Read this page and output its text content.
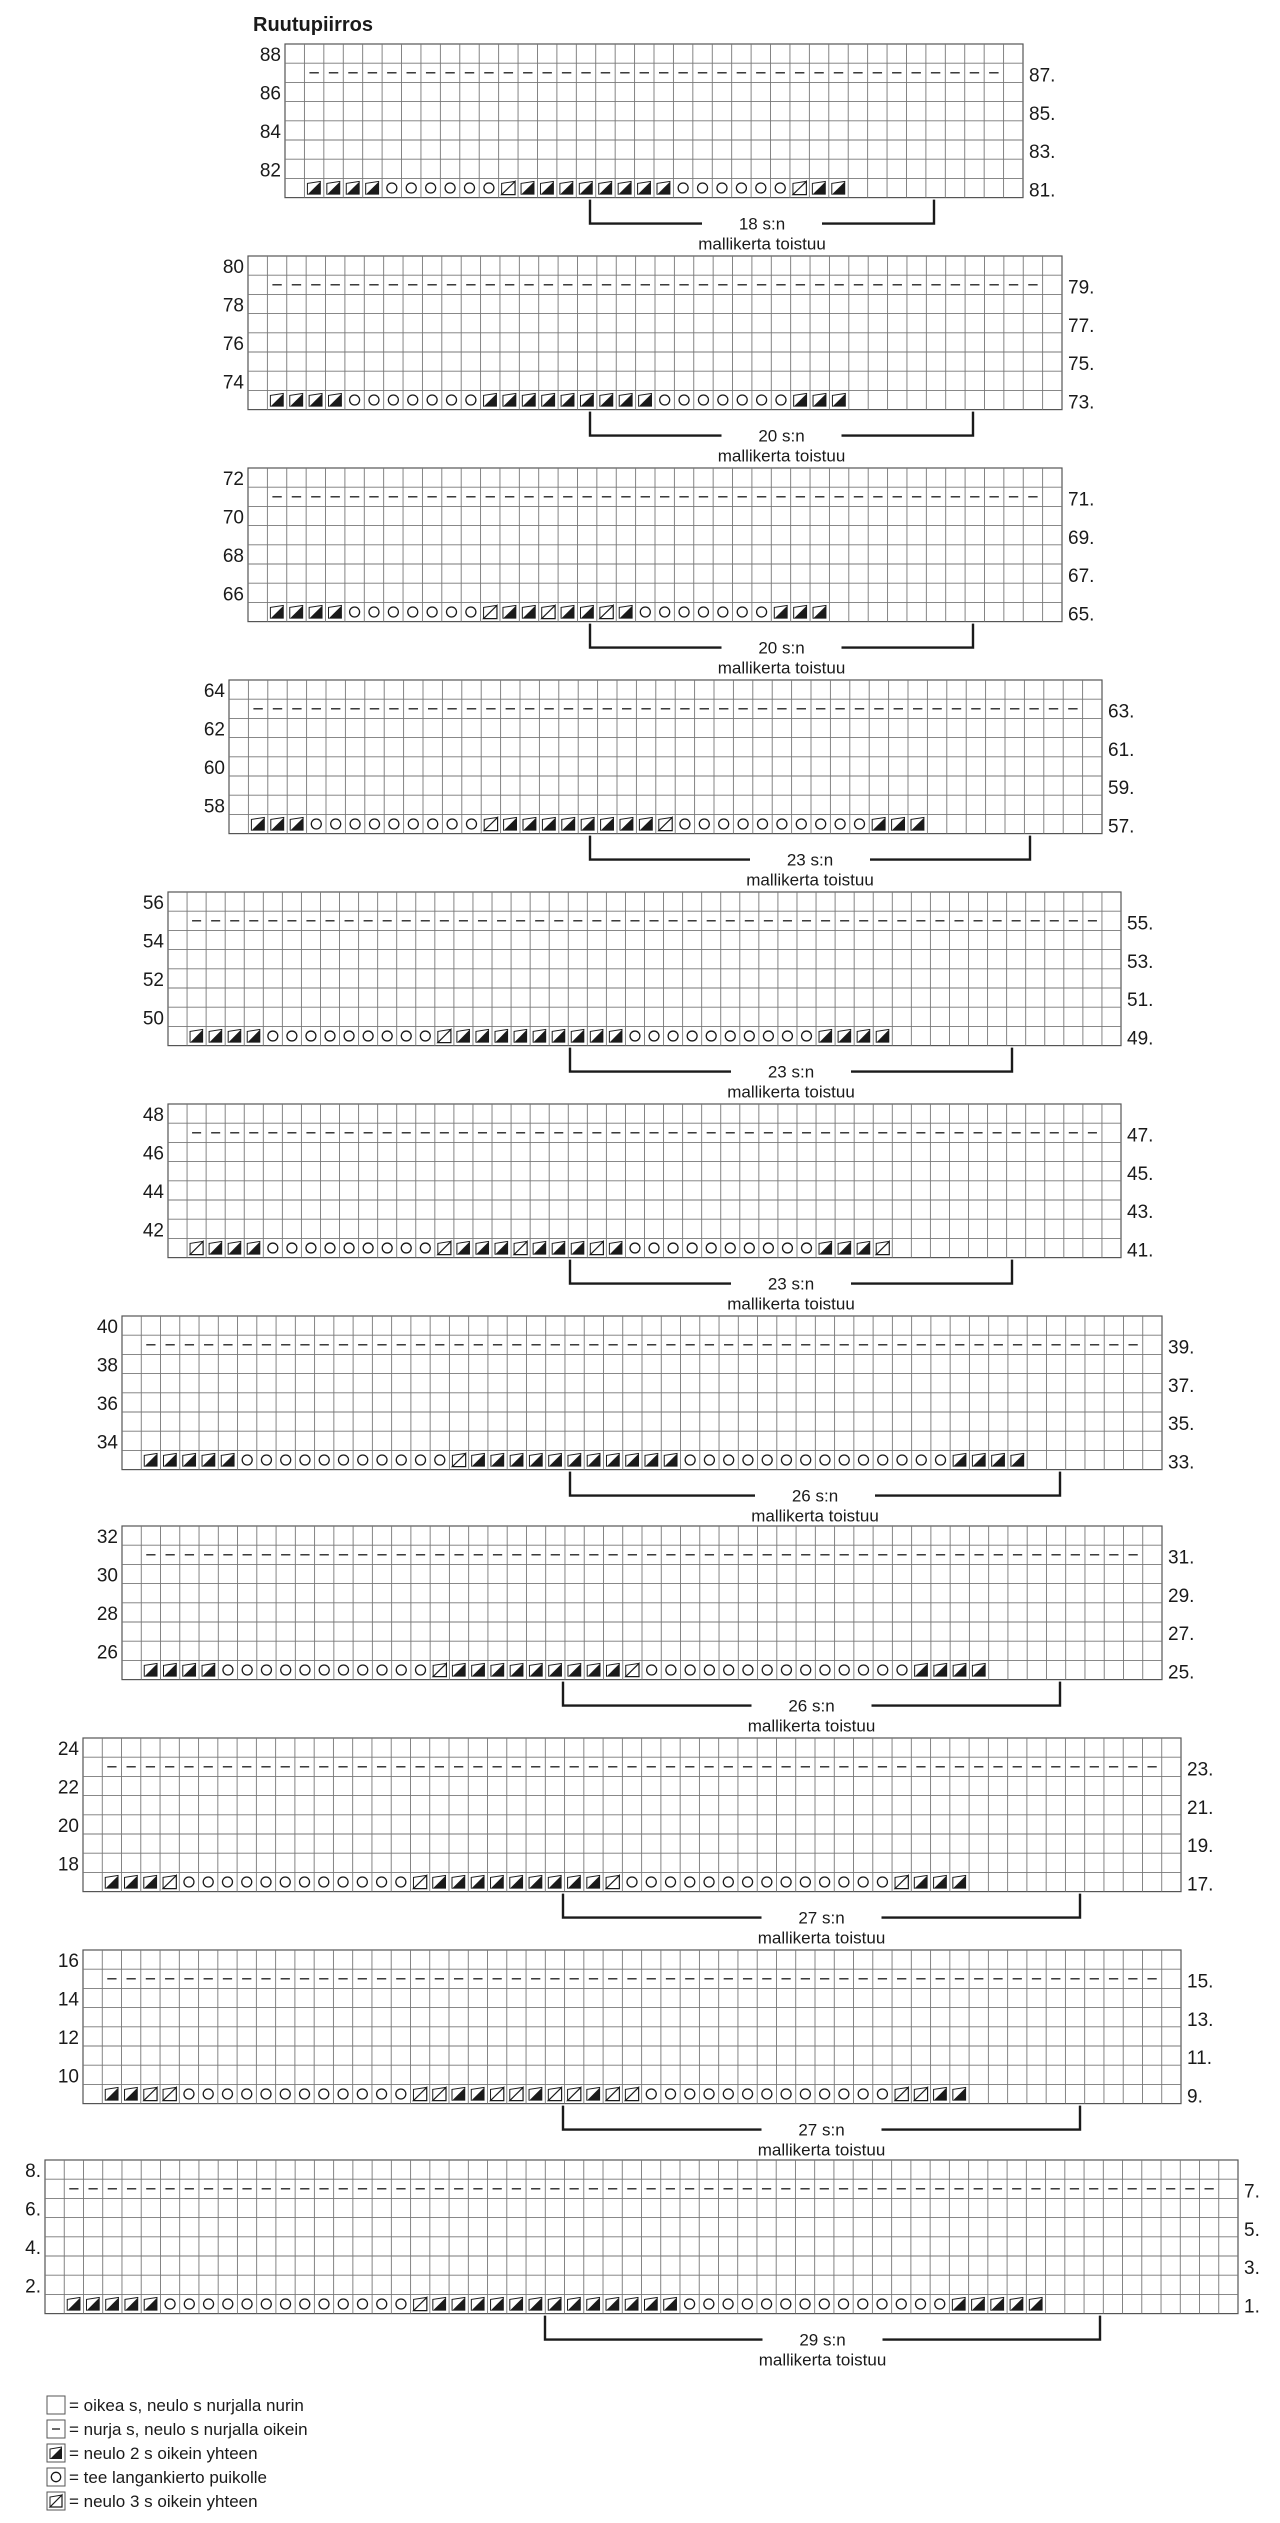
Ruutupiirros
88
86
84
82
87.
85.
83.
81.
18 s:n
mallikerta toistuu
80
78
76
74
79.
77.
75.
73.
20 s:n
mallikerta toistuu
72
70
68
66
71.
69.
67.
65.
20 s:n
mallikerta toistuu
64
62
60
58
63.
61.
59.
57.
23 s:n
mallikerta toistuu
56
54
52
50
55.
53.
51.
49.
23 s:n
mallikerta toistuu
48
46
44
42
47.
45.
43.
41.
23 s:n
mallikerta toistuu
40
38
36
34
39.
37.
35.
33.
26 s:n
mallikerta toistuu
32
30
28
26
31.
29.
27.
25.
26 s:n
mallikerta toistuu
24
22
20
18
23.
21.
19.
17.
27 s:n
mallikerta toistuu
16
14
12
10
15.
13.
11.
9.
27 s:n
mallikerta toistuu
8.
6.
4.
2.
7.
5.
3.
1.
29 s:n
mallikerta toistuu
= oikea s, neulo s nurjalla nurin
= nurja s, neulo s nurjalla oikein
= neulo 2 s oikein yhteen
= tee langankierto puikolle
= neulo 3 s oikein yhteen
